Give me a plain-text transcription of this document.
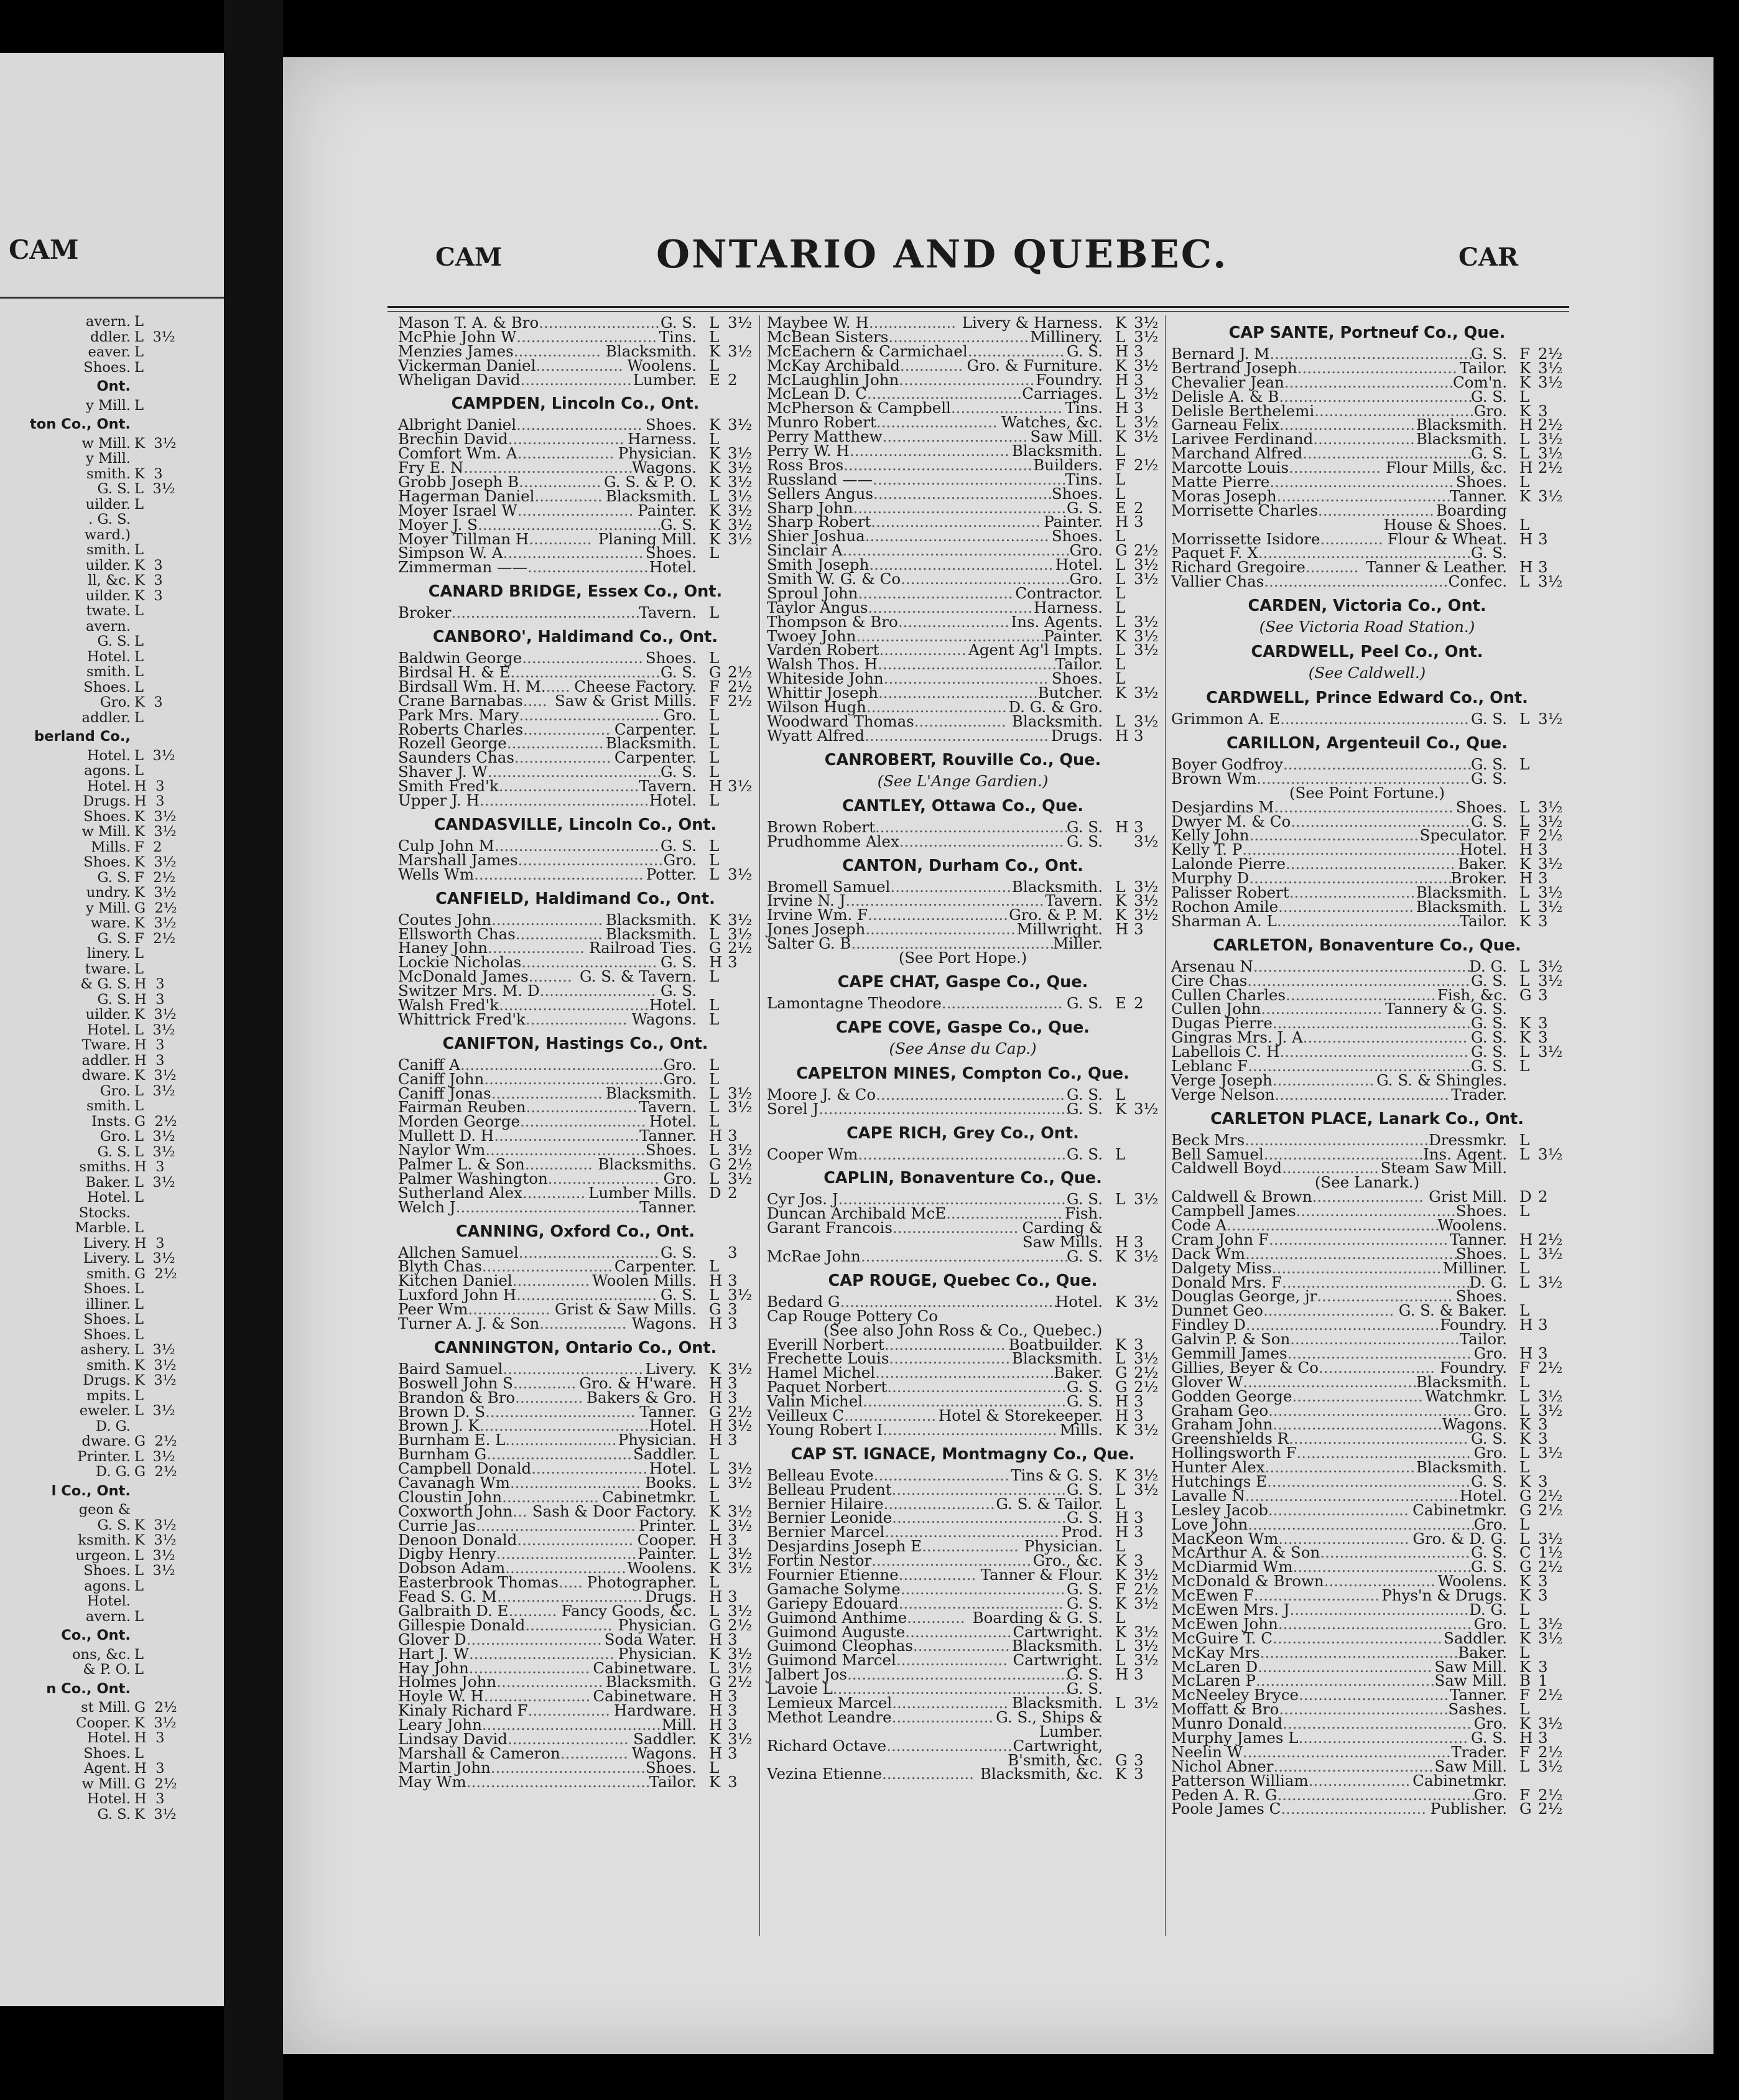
CAM
avern. L
ddler. L 3½
eaver. L
Shoes. L
Ont.
y Mill. L
ton Co., Ont.
w Mill. K 3½
y Mill.

smith. K 3
G. S. L 3½
uilder. L
. G. S.

ward.)

smith. L
uilder. K 3
ll, &c. K 3
uilder. K 3
twate. L
avern.

G. S. L
Hotel. L
smith. L
Shoes. L
Gro. K 3
addler. L
berland Co.,
Hotel. L 3½
agons. L
Hotel. H 3
Drugs. H 3
Shoes. K 3½
w Mill. K 3½
Mills. F 2
Shoes. K 3½
G. S. F 2½
undry. K 3½
y Mill. G 2½
ware. K 3½
G. S. F 2½
linery. L
tware. L
& G. S. H 3
G. S. H 3
uilder. K 3½
Hotel. L 3½
Tware. H 3
addler. H 3
dware. K 3½
Gro. L 3½
smith. L
Insts. G 2½
Gro. L 3½
G. S. L 3½
smiths. H 3
Baker. L 3½
Hotel. L
Stocks.

Marble. L
Livery. H 3
Livery. L 3½
smith. G 2½
Shoes. L
illiner. L
Shoes. L
Shoes. L
ashery. L 3½
smith. K 3½
Drugs. K 3½
mpits. L
eweler. L 3½
D. G.

dware. G 2½
Printer. L 3½
D. G. G 2½
l Co., Ont.
geon &

G. S. K 3½
ksmith. K 3½
urgeon. L 3½
Shoes. L 3½
agons. L
Hotel.

avern. L
Co., Ont.
ons, &c. L
& P. O. L
n Co., Ont.
st Mill. G 2½
Cooper. K 3½
Hotel. H 3
Shoes. L
Agent. H 3
w Mill. G 2½
Hotel. H 3
G. S. K 3½
CAM	ONTARIO AND QUEBEC.	CAR
Mason T. A. & Bro......................... G. S. L 3½
McPhie John W............................. Tins. L
Menzies James.................. Blacksmith. K 3½
Vickerman Daniel.................. Woolens. L
Wheligan David....................... Lumber. E 2
CAMPDEN, Lincoln Co., Ont.
Albright Daniel.......................... Shoes. K 3½
Brechin David........................ Harness. L
Comfort Wm. A.................... Physician. K 3½
Fry E. N...................................
Wagons. K 3½
Grobb Joseph B................. G. S. & P. O. K 3½
Hagerman Daniel.............. Blacksmith. L 3½
Moyer Israel W........................ Painter. K 3½
Moyer J. S......................................
G. S. K 3½
Moyer Tillman H............. Planing Mill. K 3½
Simpson W. A............................. Shoes. L
Zimmerman ——......................... Hotel.
CANARD BRIDGE, Essex Co., Ont.
Broker.......................................
Tavern. L
CANBORO', Haldimand Co., Ont.
Baldwin George......................... Shoes. L
Birdsal H. & E............................... G. S. G 2½
Birdsall Wm. H. M...... Cheese Factory. F 2½
Crane Barnabas..... Saw & Grist Mills. F 2½
Park Mrs. Mary............................. Gro. L
Roberts Charles.................. Carpenter. L
Rozell George.................... Blacksmith. L
Saunders Chas.................... Carpenter. L
Shaver J. W....................................
G. S. L
Smith Fred'k............................. Tavern. H 3½
Upper J. H................................... Hotel. L
CANDASVILLE, Lincoln Co., Ont.
Culp John M.................................. G. S. L
Marshall James.............................. Gro. L
Wells Wm................................... Potter. L 3½
CANFIELD, Haldimand Co., Ont.
Coutes John....................... Blacksmith. K 3½
Ellsworth Chas.................. Blacksmith. L 3½
Haney John.................... Railroad Ties. G 2½
Lockie Nicholas............................ G. S. H 3
McDonald James......... G. S. & Tavern. L
Switzer Mrs. M. D........................ G. S.
Walsh Fred'k............................... Hotel. L
Whittrick Fred'k..................... Wagons. L
CANIFTON, Hastings Co., Ont.
Caniff A.......................................... Gro. L
Caniff John..................................... Gro. L
Caniff Jonas....................... Blacksmith. L 3½
Fairman Reuben....................... Tavern. L 3½
Morden George.......................... Hotel. L
Mullett D. H.............................. Tanner. H 3
Naylor Wm................................. Shoes. L 3½
Palmer L. & Son.............. Blacksmiths. G 2½
Palmer Washington....................... Gro. L 3½
Sutherland Alex............. Lumber Mills. D 2
Welch J...................................... Tanner.
CANNING, Oxford Co., Ont.
Allchen Samuel............................. G. S. 3
Blyth Chas........................... Carpenter. L
Kitchen Daniel................ Woolen Mills. H 3
Luxford John H............................. G. S. L 3½
Peer Wm................. Grist & Saw Mills. G 3
Turner A. J. & Son.................. Wagons. H 3
CANNINGTON, Ontario Co., Ont.
Baird Samuel............................. Livery. K 3½
Boswell John S............. Gro. & H'ware. H 3
Brandon & Bro.............. Bakers & Gro. H 3
Brown D. S............................... Tanner. G 2½
Brown J. K................................... Hotel. H 3½
Burnham E. L....................... Physician. H 3
Burnham G.............................. Saddler. L
Campbell Donald........................ Hotel. L 3½
Cavanagh Wm........................... Books. L 3½
Cloustin John.................... Cabinetmkr. L
Coxworth John... Sash & Door Factory. K 3½
Currie Jas................................. Printer. L 3½
Denoon Donald........................ Cooper. H 3
Digby Henry............................. Painter. L 3½
Dobson Adam......................... Woolens. K 3½
Easterbrook Thomas..... Photographer. L
Fead S. G. M.............................. Drugs. H 3
Galbraith D. E.......... Fancy Goods, &c. L 3½
Gillespie Donald.................. Physician. G 2½
Glover D............................ Soda Water. H 3
Hart J. W.............................. Physician. K 3½
Hay John......................... Cabinetware. L 3½
Holmes John...................... Blacksmith. G 2½
Hoyle W. H...................... Cabinetware. H 3
Kinaly Richard F................. Hardware. H 3
Leary John..................................... Mill. H 3
Lindsay David......................... Saddler. K 3½
Marshall & Cameron.............. Wagons. H 3
Martin John................................ Shoes. L
May Wm......................................
Tailor. K 3
Maybee W. H.................. Livery & Harness. K 3½
McBean Sisters............................. Millinery. L 3½
McEachern & Carmichael.................... G. S. H 3
McKay Archibald............. Gro. & Furniture. K 3½
McLaughlin John............................ Foundry. H 3
McLean D. C................................ Carriages. L 3½
McPherson & Campbell....................... Tins. H 3
Munro Robert......................... Watches, &c. L 3½
Perry Matthew.............................. Saw Mill. K 3½
Perry W. H................................. Blacksmith. L
Ross Bros....................................... Builders. F 2½
Russland ——........................................
Tins. L
Sellers Angus.....................................
Shoes. L
Sharp John............................................ G. S. E 2
Sharp Robert................................... Painter. H 3
Shier Joshua...................................... Shoes. L
Sinclair A...............................................
Gro. G 2½
Smith Joseph...................................... Hotel. L 3½
Smith W. G. & Co...................................
Gro. L 3½
Sproul John................................ Contractor. L
Taylor Angus.................................. Harness. L
Thompson & Bro....................... Ins. Agents. L 3½
Twoey John.......................................
Painter. K 3½
Varden Robert.................. Agent Ag'l Impts. L 3½
Walsh Thos. H.....................................
Tailor. L
Whiteside John.................................. Shoes. L
Whittir Joseph................................. Butcher. K 3½
Wilson Hugh............................. D. G. & Gro.
Woodward Thomas................... Blacksmith. L 3½
Wyatt Alfred...................................... Drugs. H 3
CANROBERT, Rouville Co., Que.
(See L'Ange Gardien.)
CANTLEY, Ottawa Co., Que.
Brown Robert........................................
G. S. H 3
Prudhomme Alex.................................. G. S. 3½
CANTON, Durham Co., Ont.
Bromell Samuel......................... Blacksmith. L 3½
Irvine N. J......................................... Tavern. K 3½
Irvine Wm. F............................. Gro. & P. M. K 3½
Jones Joseph............................... Millwright. H 3
Salter G. B..........................................
Miller.
(See Port Hope.)
CAPE CHAT, Gaspe Co., Que.
Lamontagne Theodore......................... G. S. E 2
CAPE COVE, Gaspe Co., Que.
(See Anse du Cap.)
CAPELTON MINES, Compton Co., Que.
Moore J. & Co....................................... G. S. L
Sorel J....................................................
G. S. K 3½
CAPE RICH, Grey Co., Ont.
Cooper Wm........................................... G. S. L
CAPLIN, Bonaventure Co., Que.
Cyr Jos. J............................................... G. S. L 3½
Duncan Archibald McE........................ Fish.
Garant Francois.......................... Carding &
Saw Mills. H 3
McRae John...........................................
G. S. K 3½
CAP ROUGE, Quebec Co., Que.
Bedard G.............................................
Hotel. K 3½
Cap Rouge Pottery Co
(See also John Ross & Co., Quebec.)
Everill Norbert......................... Boatbuilder. K 3
Frechette Louis......................... Blacksmith. L 3½
Hamel Michel.....................................
Baker. G 2½
Paquet Norbert..................................... G. S. G 2½
Valin Michel.......................................... G. S. H 3
Veilleux C................... Hotel & Storekeeper. H 3
Young Robert I.................................... Mills. K 3½
CAP ST. IGNACE, Montmagny Co., Que.
Belleau Evote............................ Tins & G. S. K 3½
Belleau Prudent.................................... G. S. L 3½
Bernier Hilaire....................... G. S. & Tailor. L
Bernier Leonide.................................... G. S. H 3
Bernier Marcel.................................... Prod. H 3
Desjardins Joseph E.................... Physician. L
Fortin Nestor................................. Gro., &c. K 3
Fournier Etienne................ Tanner & Flour. K 3½
Gamache Solyme.................................. G. S. F 2½
Gariepy Edouard.................................. G. S. K 3½
Guimond Anthime............ Boarding & G. S. L
Guimond Auguste...................... Cartwright. K 3½
Guimond Cleophas.................... Blacksmith. L 3½
Guimond Marcel....................... Cartwright. L 3½
Jalbert Jos..............................................
G. S. H 3
Lavoie L.................................................
G. S.
Lemieux Marcel........................ Blacksmith. L 3½
Methot Leandre..................... G. S., Ships &
Lumber.
Richard Octave.......................... Cartwright,
B'smith, &c. G 3
Vezina Etienne................... Blacksmith, &c. K 3
CAP SANTE, Portneuf Co., Que.
Bernard J. M..........................................
G. S. F 2½
Bertrand Joseph................................. Tailor. K 3½
Chevalier Jean...................................
Com'n. K 3½
Delisle A. & B........................................
G. S. L
Delisle Berthelemi................................. Gro. K 3
Garneau Felix............................ Blacksmith. H 2½
Larivee Ferdinand..................... Blacksmith. L 3½
Marchand Alfred...................................
G. S. L 3½
Marcotte Louis................... Flour Mills, &c. H 2½
Matte Pierre...................................... Shoes. L
Moras Joseph....................................
Tanner. K 3½
Morrisette Charles........................ Boarding
House & Shoes. L
Morrissette Isidore............. Flour & Wheat. H 3
Paquet F. X............................................ G. S.
Richard Gregoire........... Tanner & Leather. H 3
Vallier Chas...................................... Confec. L 3½
CARDEN, Victoria Co., Ont.
(See Victoria Road Station.)
CARDWELL, Peel Co., Ont.
(See Caldwell.)
CARDWELL, Prince Edward Co., Ont.
Grimmon A. E....................................... G. S. L 3½
CARILLON, Argenteuil Co., Que.
Boyer Godfroy.......................................
G. S. L
Brown Wm............................................ G. S.
(See Point Fortune.)
Desjardins M..................................... Shoes. L 3½
Dwyer M. & Co..................................... G. S. L 3½
Kelly John................................... Speculator. F 2½
Kelly T. P............................................. Hotel. H 3
Lalonde Pierre................................... Baker. K 3½
Murphy D..........................................
Broker. H 3
Palisser Robert.......................... Blacksmith. L 3½
Rochon Amile............................ Blacksmith. L 3½
Sharman A. L......................................
Tailor. K 3
CARLETON, Bonaventure Co., Que.
Arsenau N.............................................
D. G. L 3½
Cire Chas.............................................. G. S. L 3½
Cullen Charles............................... Fish, &c. G 3
Cullen John......................... Tannery & G. S.
Dugas Pierre......................................... G. S. K 3
Gingras Mrs. J. A.................................. G. S. K 3
Labellois C. H....................................... G. S. L 3½
Leblanc F.............................................. G. S. L
Verge Joseph..................... G. S. & Shingles.
Verge Nelson.................................... Trader.
CARLETON PLACE, Lanark Co., Ont.
Beck Mrs...................................... Dressmkr. L
Bell Samuel................................. Ins. Agent. L 3½
Caldwell Boyd.................... Steam Saw Mill.
(See Lanark.)
Caldwell & Brown....................... Grist Mill. D 2
Campbell James................................. Shoes. L
Code A............................................
Woolens.
Cram John F..................................... Tanner. H 2½
Dack Wm............................................
Shoes. L 3½
Dalgety Miss................................... Milliner. L
Donald Mrs. F.......................................
D. G. L 3½
Douglas George, jr............................ Shoes.
Dunnet Geo........................... G. S. & Baker. L
Findley D........................................ Foundry. H 3
Galvin P. & Son................................... Tailor.
Gemmill James...................................... Gro. H 3
Gillies, Beyer & Co........................ Foundry. F 2½
Glover W....................................
Blacksmith. L
Godden George........................... Watchmkr. L 3½
Graham Geo.......................................... Gro. L 3½
Graham John................................... Wagons. K 3
Greenshields R..................................... G. S. K 3
Hollingsworth F.................................... Gro. L 3½
Hunter Alex............................... Blacksmith. L
Hutchings E.......................................... G. S. K 3
Lavalle N............................................ Hotel. G 2½
Lesley Jacob............................. Cabinetmkr. G 2½
Love John...............................................
Gro. L
MacKeon Wm........................... Gro. & D. G. L 3½
McArthur A. & Son............................... G. S. C 1½
McDiarmid Wm.....................................
G. S. G 2½
McDonald & Brown....................... Woolens. K 3
McEwen F.......................... Phys'n & Drugs. K 3
McEwen Mrs. J..................................... D. G. L
McEwen John........................................ Gro. L 3½
McGuire T. C................................... Saddler. K 3½
McKay Mrs......................................... Baker. L
McLaren D.................................... Saw Mill. K 3
McLaren P..................................... Saw Mill. B 1
McNeeley Bryce............................... Tanner. F 2½
Moffatt & Bro................................... Sashes. L
Munro Donald....................................... Gro. K 3½
Murphy James L................................... G. S. H 3
Neelin W........................................... Trader. F 2½
Nichol Abner................................. Saw Mill. L 3½
Patterson William..................... Cabinetmkr.
Peden A. R. G.........................................
Gro. F 2½
Poole James C.............................. Publisher. G 2½
